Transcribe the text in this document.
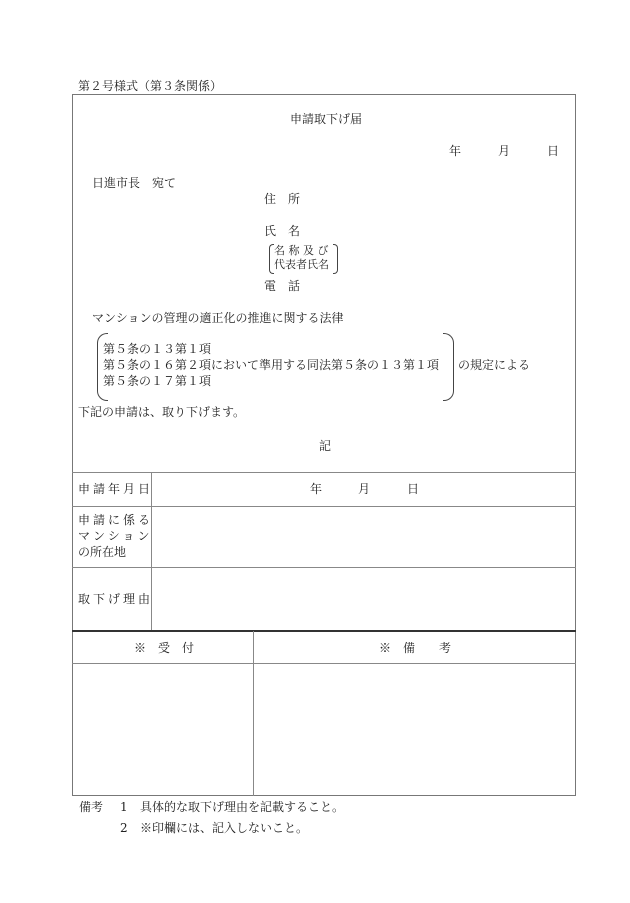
第２号様式（第３条関係）
申請取下げ届
年	月	日
日進市長　宛て
住　所
氏　名
名 称 及 び
代表者氏名
電　話
マンションの管理の適正化の推進に関する法律
第５条の１３第１項
第５条の１６第２項において準用する同法第５条の１３第１項
第５条の１７第１項
の規定による
下記の申請は、取り下げます。
記
申請年月日	年	月	日
申請に係る
マンション
の所在地
取下げ理由
※　受　付	※　備　　考
備考 1 具体的な取下げ理由を記載すること。
2 ※印欄には、記入しないこと。
